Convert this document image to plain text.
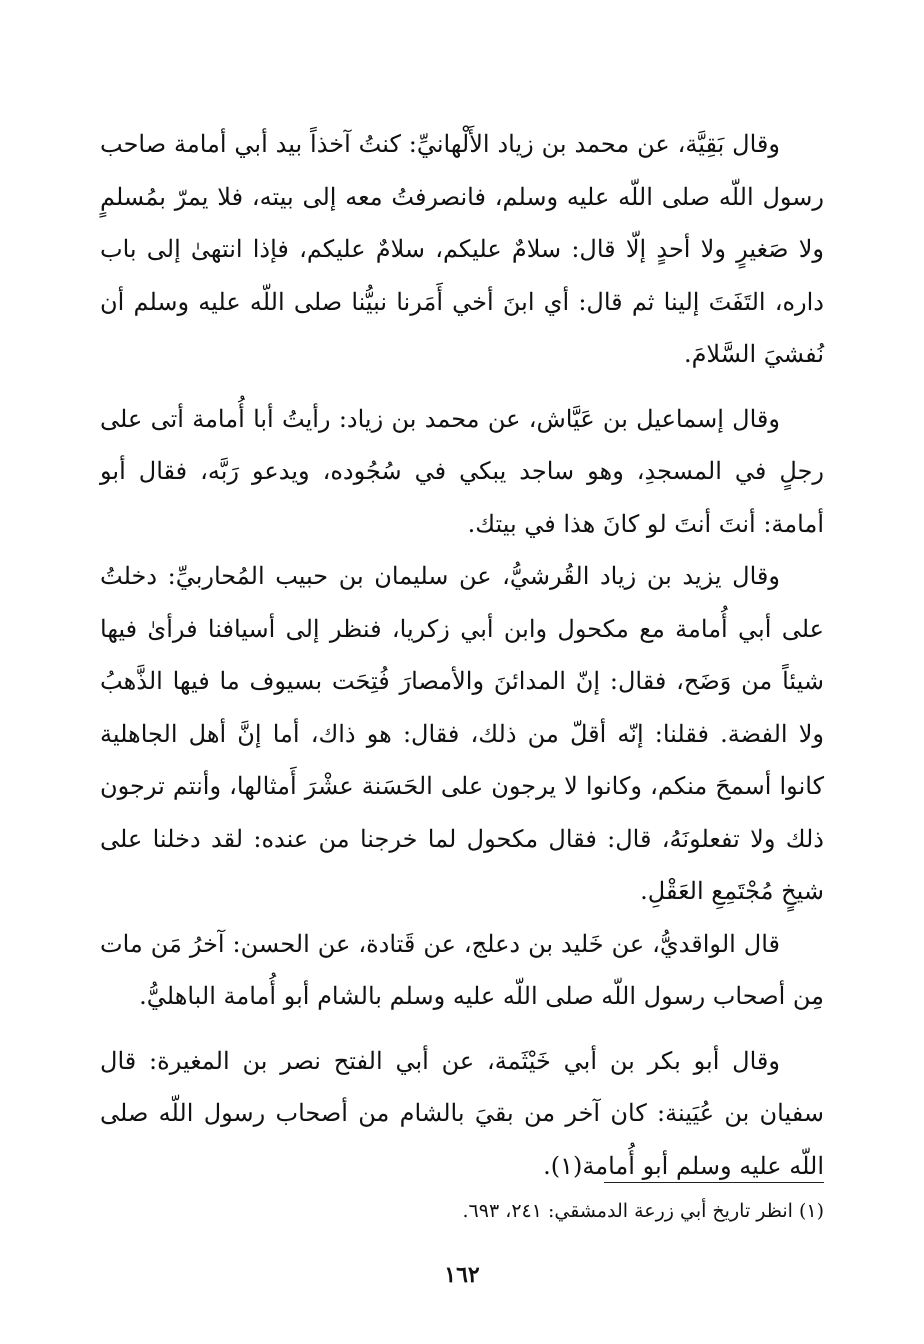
وقال بَقِيَّة، عن محمد بن زياد الأَلْهانيِّ: كنتُ آخذاً بيد أبي أمامة صاحب رسول اللّه صلى اللّه عليه وسلم، فانصرفتُ معه إلى بيته، فلا يمرّ بمُسلمٍ ولا صَغيرٍ ولا أحدٍ إلّا قال: سلامٌ عليكم، سلامٌ عليكم، فإذا انتهىٰ إلى باب داره، التَفَتَ إلينا ثم قال: أي ابنَ أخي أَمَرنا نبيُّنا صلى اللّه عليه وسلم أن نُفشيَ السَّلامَ.

وقال إسماعيل بن عَيَّاش، عن محمد بن زياد: رأيتُ أبا أُمامة أتى على رجلٍ في المسجدِ، وهو ساجد يبكي في سُجُوده، ويدعو رَبَّه، فقال أبو أمامة: أنتَ أنتَ لو كانَ هذا في بيتك.

وقال يزيد بن زياد القُرشيُّ، عن سليمان بن حبيب المُحاربيِّ: دخلتُ على أبي أُمامة مع مكحول وابن أبي زكريا، فنظر إلى أسيافنا فرأىٰ فيها شيئاً من وَضَح، فقال: إنّ المدائنَ والأمصارَ فُتِحَت بسيوف ما فيها الذَّهبُ ولا الفضة. فقلنا: إنّه أقلّ من ذلك، فقال: هو ذاك، أما إنَّ أهل الجاهلية كانوا أسمحَ منكم، وكانوا لا يرجون على الحَسَنة عشْرَ أَمثالها، وأنتم ترجون ذلك ولا تفعلونَهُ، قال: فقال مكحول لما خرجنا من عنده: لقد دخلنا على شيخٍ مُجْتَمِعِ العَقْلِ.

قال الواقديُّ، عن خَليد بن دعلج، عن قَتادة، عن الحسن: آخرُ مَن مات مِن أصحاب رسول اللّه صلى اللّه عليه وسلم بالشام أبو أُمامة الباهليُّ.

وقال أبو بكر بن أبي خَيْثَمة، عن أبي الفتح نصر بن المغيرة: قال سفيان بن عُيَينة: كان آخر من بقيَ بالشام من أصحاب رسول اللّه صلى اللّه عليه وسلم أبو أُمامة(١).

(١) انظر تاريخ أبي زرعة الدمشقي: ٢٤١، ٦٩٣.
١٦٢
